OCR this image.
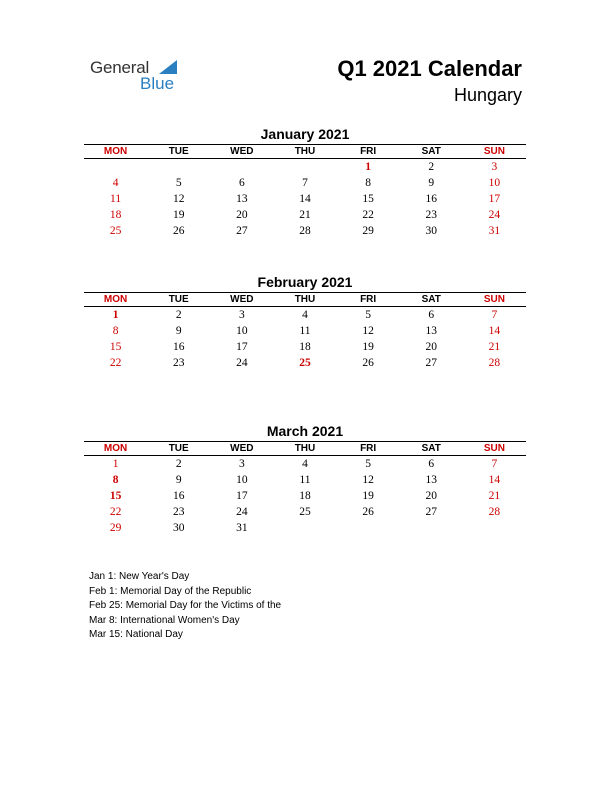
General
Blue
Q1 2021 Calendar
Hungary
January 2021
MON	TUE	WED	THU	FRI	SAT	SUN
				1	2	3
4	5	6	7	8	9	10
11	12	13	14	15	16	17
18	19	20	21	22	23	24
25	26	27	28	29	30	31
February 2021
MON	TUE	WED	THU	FRI	SAT	SUN
1	2	3	4	5	6	7
8	9	10	11	12	13	14
15	16	17	18	19	20	21
22	23	24	25	26	27	28
March 2021
MON	TUE	WED	THU	FRI	SAT	SUN
1	2	3	4	5	6	7
8	9	10	11	12	13	14
15	16	17	18	19	20	21
22	23	24	25	26	27	28
29	30	31				
Jan 1: New Year's Day
Feb 1: Memorial Day of the Republic
Feb 25: Memorial Day for the Victims of the
Mar 8: International Women's Day
Mar 15: National Day
